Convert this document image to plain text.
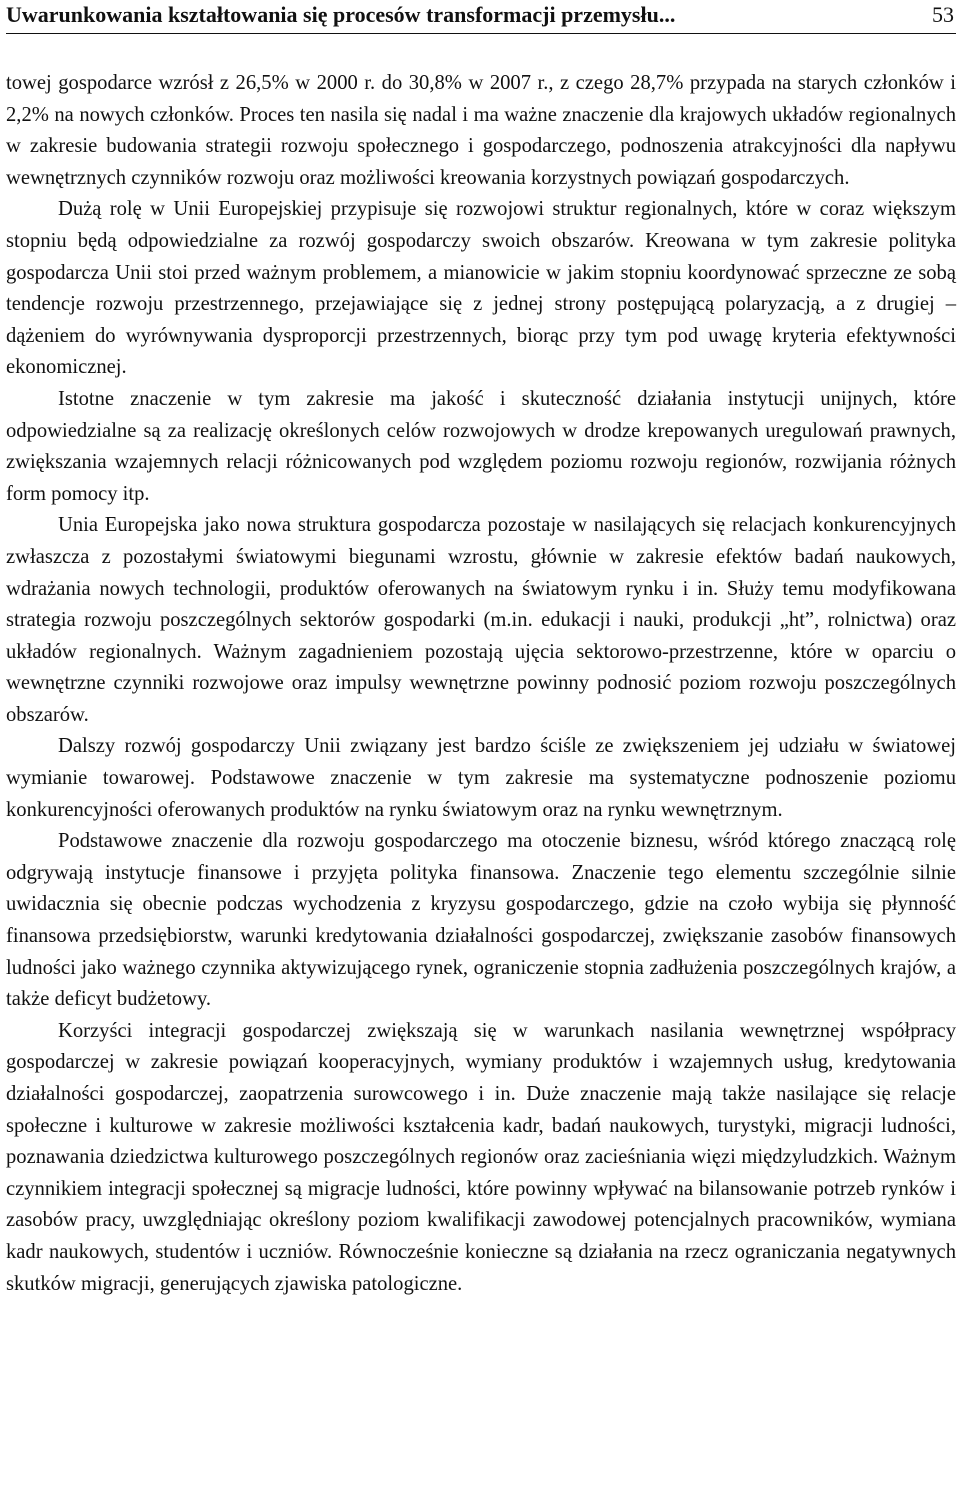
Uwarunkowania kształtowania się procesów transformacji przemysłu...	53

towej gospodarce wzrósł z 26,5% w 2000 r. do 30,8% w 2007 r., z czego 28,7% przypada na starych członków i 2,2% na nowych członków. Proces ten nasila się nadal i ma ważne znaczenie dla krajowych układów regionalnych w zakresie budowania strategii rozwoju społecznego i gospodarczego, podnoszenia atrakcyjności dla napływu wewnętrznych czynników rozwoju oraz możliwości kreowania korzystnych powiązań gospodarczych.

Dużą rolę w Unii Europejskiej przypisuje się rozwojowi struktur regionalnych, które w coraz większym stopniu będą odpowiedzialne za rozwój gospodarczy swoich obszarów. Kreowana w tym zakresie polityka gospodarcza Unii stoi przed ważnym problemem, a mianowicie w jakim stopniu koordynować sprzeczne ze sobą tendencje rozwoju przestrzennego, przejawiające się z jednej strony postępującą polaryzacją, a z drugiej – dążeniem do wyrównywania dysproporcji przestrzennych, biorąc przy tym pod uwagę kryteria efektywności ekonomicznej.

Istotne znaczenie w tym zakresie ma jakość i skuteczność działania instytucji unijnych, które odpowiedzialne są za realizację określonych celów rozwojowych w drodze krepowanych uregulowań prawnych, zwiększania wzajemnych relacji różnicowanych pod względem poziomu rozwoju regionów, rozwijania różnych form pomocy itp.

Unia Europejska jako nowa struktura gospodarcza pozostaje w nasilających się relacjach konkurencyjnych zwłaszcza z pozostałymi światowymi biegunami wzrostu, głównie w zakresie efektów badań naukowych, wdrażania nowych technologii, produktów oferowanych na światowym rynku i in. Służy temu modyfikowana strategia rozwoju poszczególnych sektorów gospodarki (m.in. edukacji i nauki, produkcji „ht”, rolnictwa) oraz układów regionalnych. Ważnym zagadnieniem pozostają ujęcia sektorowo-przestrzenne, które w oparciu o wewnętrzne czynniki rozwojowe oraz impulsy wewnętrzne powinny podnosić poziom rozwoju poszczególnych obszarów.

Dalszy rozwój gospodarczy Unii związany jest bardzo ściśle ze zwiększeniem jej udziału w światowej wymianie towarowej. Podstawowe znaczenie w tym zakresie ma systematyczne podnoszenie poziomu konkurencyjności oferowanych produktów na rynku światowym oraz na rynku wewnętrznym.

Podstawowe znaczenie dla rozwoju gospodarczego ma otoczenie biznesu, wśród którego znaczącą rolę odgrywają instytucje finansowe i przyjęta polityka finansowa. Znaczenie tego elementu szczególnie silnie uwidacznia się obecnie podczas wychodzenia z kryzysu gospodarczego, gdzie na czoło wybija się płynność finansowa przedsiębiorstw, warunki kredytowania działalności gospodarczej, zwiększanie zasobów finansowych ludności jako ważnego czynnika aktywizującego rynek, ograniczenie stopnia zadłużenia poszczególnych krajów, a także deficyt budżetowy.

Korzyści integracji gospodarczej zwiększają się w warunkach nasilania wewnętrznej współpracy gospodarczej w zakresie powiązań kooperacyjnych, wymiany produktów i wzajemnych usług, kredytowania działalności gospodarczej, zaopatrzenia surowcowego i in. Duże znaczenie mają także nasilające się relacje społeczne i kulturowe w zakresie możliwości kształcenia kadr, badań naukowych, turystyki, migracji ludności, poznawania dziedzictwa kulturowego poszczególnych regionów oraz zacieśniania więzi międzyludzkich. Ważnym czynnikiem integracji społecznej są migracje ludności, które powinny wpływać na bilansowanie potrzeb rynków i zasobów pracy, uwzględniając określony poziom kwalifikacji zawodowej potencjalnych pracowników, wymiana kadr naukowych, studentów i uczniów. Równocześnie konieczne są działania na rzecz ograniczania negatywnych skutków migracji, generujących zjawiska patologiczne.
